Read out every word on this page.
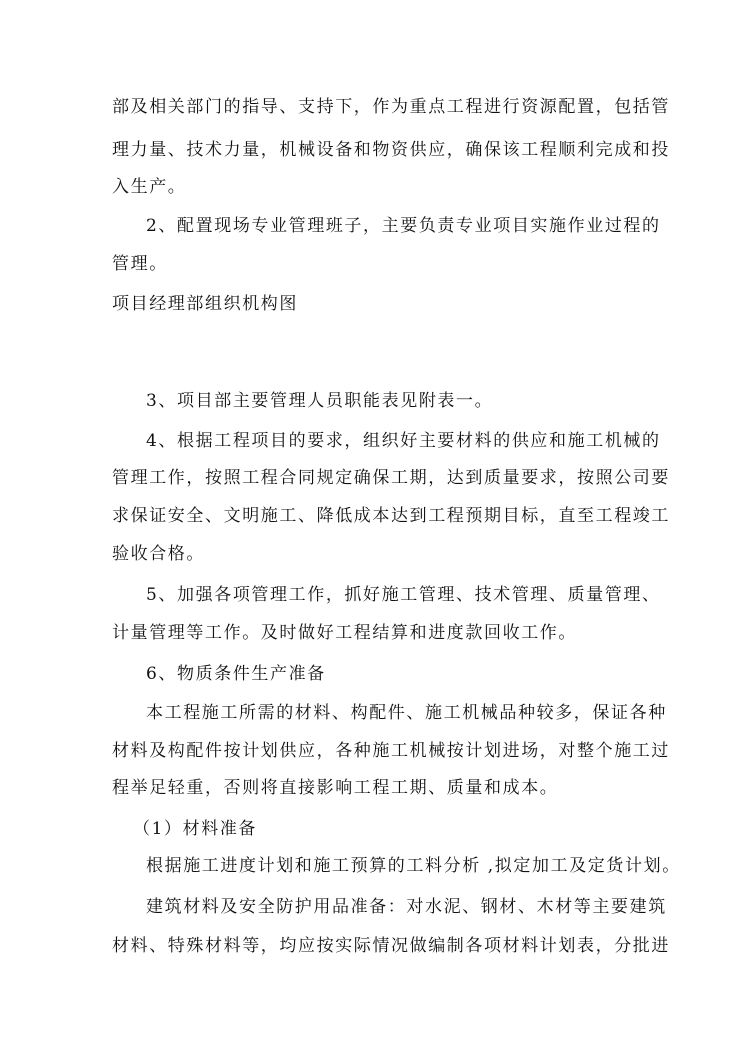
部及相关部门的指导、支持下，作为重点工程进行资源配置，包括管
理力量、技术力量，机械设备和物资供应，确保该工程顺利完成和投
入生产。
2、配置现场专业管理班子，主要负责专业项目实施作业过程的
管理。
项目经理部组织机构图
3、项目部主要管理人员职能表见附表一。
4、根据工程项目的要求，组织好主要材料的供应和施工机械的
管理工作，按照工程合同规定确保工期，达到质量要求，按照公司要
求保证安全、文明施工、降低成本达到工程预期目标，直至工程竣工
验收合格。
5、加强各项管理工作，抓好施工管理、技术管理、质量管理、
计量管理等工作。及时做好工程结算和进度款回收工作。
6、物质条件生产准备
本工程施工所需的材料、构配件、施工机械品种较多，保证各种
材料及构配件按计划供应，各种施工机械按计划进场，对整个施工过
程举足轻重，否则将直接影响工程工期、质量和成本。
（1）材料准备
根据施工进度计划和施工预算的工料分析 ,拟定加工及定货计划。
建筑材料及安全防护用品准备：对水泥、钢材、木材等主要建筑
材料、特殊材料等，均应按实际情况做编制各项材料计划表，分批进
